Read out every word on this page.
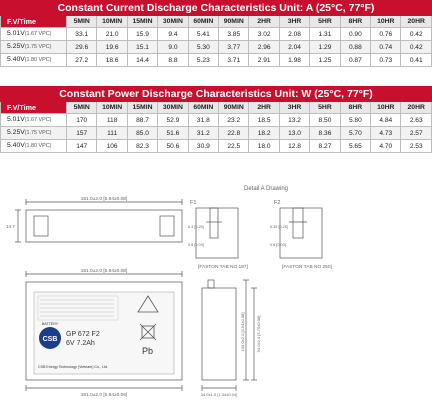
Constant Current Discharge Characteristics Unit: A (25°C, 77°F)												
F.V/Time	5MIN	10MIN	15MIN	30MIN	60MIN	90MIN	2HR	3HR	5HR	8HR	10HR	20HR
5.01V(1.67 VPC)	33.1	21.0	15.9	9.4	5.41	3.85	3.02	2.08	1.31	0.90	0.76	0.42
5.25V(1.75 VPC)	29.6	19.6	15.1	9.0	5.30	3.77	2.96	2.04	1.29	0.88	0.74	0.42
5.40V(1.80 VPC)	27.2	18.6	14.4	8.8	5.23	3.71	2.91	1.98	1.25	0.87	0.73	0.41
Constant Power Discharge Characteristics Unit: W (25°C, 77°F)												
F.V/Time	5MIN	10MIN	15MIN	30MIN	60MIN	90MIN	2HR	3HR	5HR	8HR	10HR	20HR
5.01V(1.67 VPC)	170	118	88.7	52.9	31.8	23.2	18.5	13.2	8.50	5.80	4.84	2.63
5.25V(1.75 VPC)	157	111	85.0	51.6	31.2	22.8	18.2	13.0	8.36	5.70	4.73	2.57
5.40V(1.80 VPC)	147	106	82.3	50.6	30.9	22.5	18.0	12.8	8.27	5.65	4.70	2.53
Detail A Drawing
F1	F2
[FASTON TAB NO 187]	[FASTON TAB NO 250]
6.3 [0.25]
0.8 [0.03]
6.35 [0.25]
0.8 [0.03]
151.0±2.0 [5.94±0.08]
151.0±2.0 [5.94±0.08]
151.0±2.0 [5.94±0.08]	34.0±1.0 [1.34±0.04]
14.7
100.0±2.0 [3.94±0.08]	94.0±2.0 [3.70±0.08]
CSB
BATTERY
GP 672 F2
6V 7.2Ah
CSB Energy Technology (Vietnam) Co., Ltd.
Pb
